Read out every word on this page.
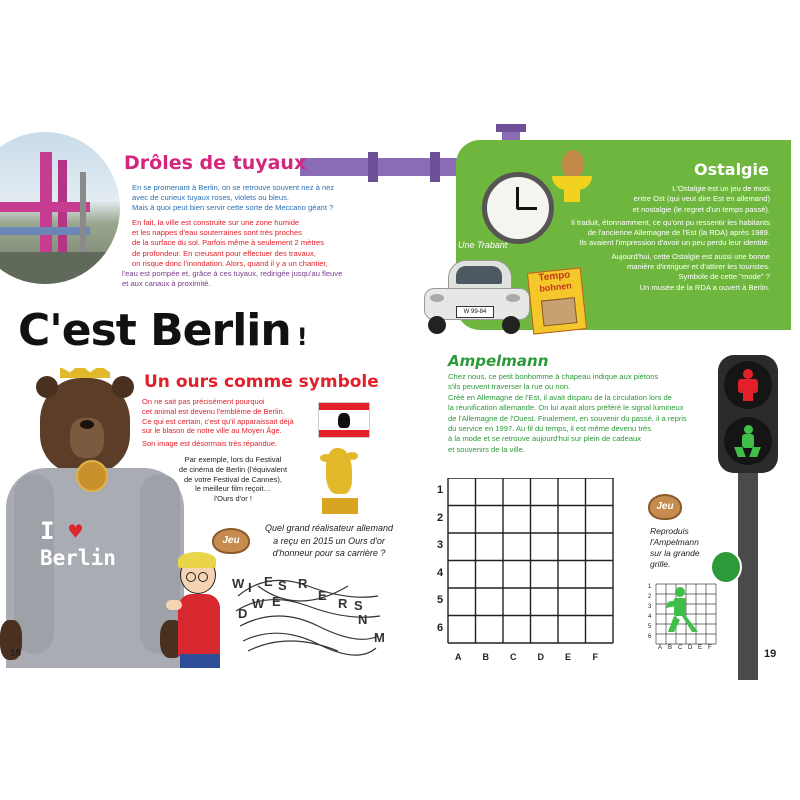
Drôles de tuyaux
En se promenant à Berlin, on se retrouve souvent nez à nez
avec de curieux tuyaux roses, violets ou bleus.
Mais à quoi peut bien servir cette sorte de Meccano géant ?
En fait, la ville est construite sur une zone humide
et les nappes d'eau souterraines sont très proches
de la surface du sol. Parfois même à seulement 2 mètres
de profondeur. En creusant pour effectuer des travaux,
on risque donc l'inondation. Alors, quand il y a un chantier,
l'eau est pompée et, grâce à ces tuyaux, redirigée jusqu'au fleuve
et aux canaux à proximité.
C'est Berlin !
I ♥
Berlin
Un ours comme symbole
On ne sait pas précisément pourquoi
cet animal est devenu l'emblème de Berlin.
Ce qui est certain, c'est qu'il apparaissait déjà
sur le blason de notre ville au Moyen Âge.
Son image est désormais très répandue.
Par exemple, lors du Festival
de cinéma de Berlin (l'équivalent
de votre Festival de Cannes),
le meilleur film reçoit…
l'Ours d'or !
Jeu
Quel grand réalisateur allemand
a reçu en 2015 un Ours d'or
d'honneur pour sa carrière ?
W I E S R
E
N
D
W E	R S
M
18
Ostalgie
L'Ostalgie est un jeu de mots
entre Ost (qui veut dire Est en allemand)
et nostalgie (le regret d'un temps passé).
Il traduit, étonnamment, ce qu'ont pu ressentir les habitants
de l'ancienne Allemagne de l'Est (la RDA) après 1989.
Ils avaient l'impression d'avoir un peu perdu leur identité.
Aujourd'hui, cette Ostalgie est aussi une bonne
manière d'intriguer et d'attirer les touristes.
Symbole de cette "mode" ?
Un musée de la RDA a ouvert à Berlin.
Une Trabant
W 99-84
Tempo
bohnen
Ampelmann
Chez nous, ce petit bonhomme à chapeau indique aux piétons
s'ils peuvent traverser la rue ou non.
Créé en Allemagne de l'Est, il avait disparu de la circulation lors de
la réunification allemande. On lui avait alors préféré le signal lumineux
de l'Allemagne de l'Ouest. Finalement, en souvenir du passé, il a repris
du service en 1997. Au fil du temps, il est même devenu très
à la mode et se retrouve aujourd'hui sur plein de cadeaux
et souvenirs de la ville.
1
2
3
4
5
6
A B C D E F
Jeu
Reproduis
l'Ampelmann
sur la grande
grille.
1
2
3
4
5
6
A B C D E F	19
